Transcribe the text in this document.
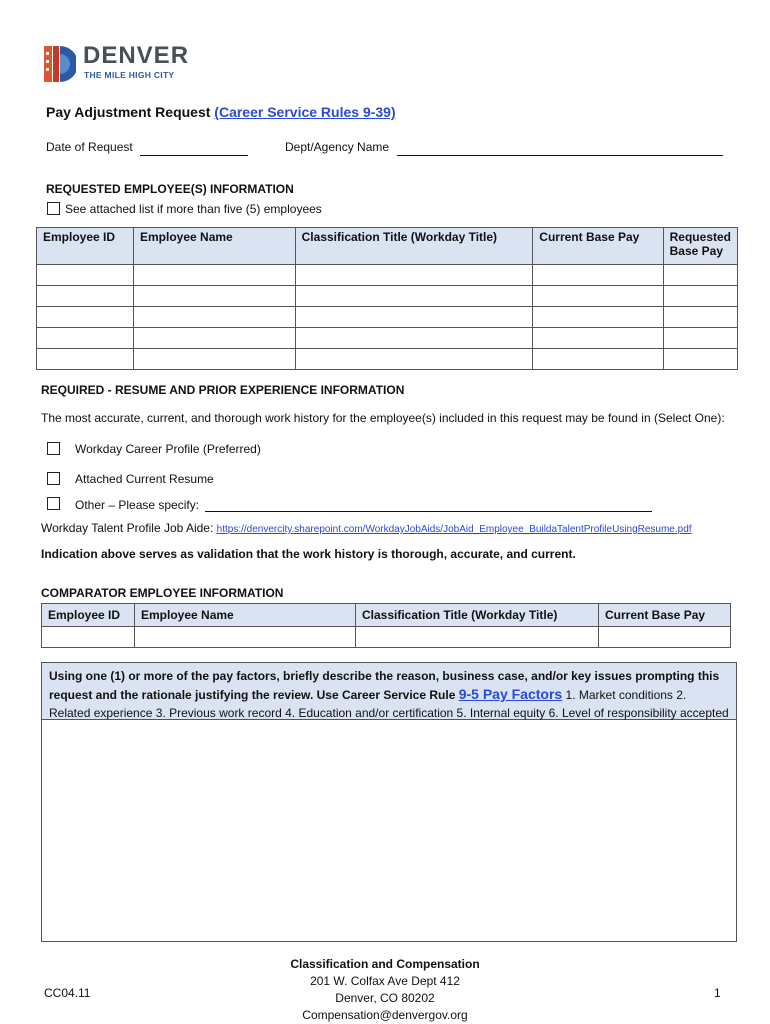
DENVER
THE MILE HIGH CITY
Pay Adjustment Request (Career Service Rules 9-39)
Date of Request	Dept/Agency Name
REQUESTED EMPLOYEE(S) INFORMATION
See attached list if more than five (5) employees
Employee ID	Employee Name	Classification Title (Workday Title)	Current Base Pay	Requested Base Pay

REQUIRED - RESUME AND PRIOR EXPERIENCE INFORMATION
The most accurate, current, and thorough work history for the employee(s) included in this request may be found in (Select One):
Workday Career Profile (Preferred)
Attached Current Resume
Other – Please specify:
Workday Talent Profile Job Aide: https://denvercity.sharepoint.com/WorkdayJobAids/JobAid_Employee_BuildaTalentProfileUsingResume.pdf
Indication above serves as validation that the work history is thorough, accurate, and current.
COMPARATOR EMPLOYEE INFORMATION
Employee ID	Employee Name	Classification Title (Workday Title)	Current Base Pay

Using one (1) or more of the pay factors, briefly describe the reason, business case, and/or key issues prompting this request and the rationale justifying the review. Use Career Service Rule 9-5 Pay Factors 1. Market conditions 2. Related experience 3. Previous work record 4. Education and/or certification 5. Internal equity 6. Level of responsibility accepted
CC04.11
Classification and Compensation
201 W. Colfax Ave Dept 412
Denver, CO 80202
Compensation@denvergov.org
1
